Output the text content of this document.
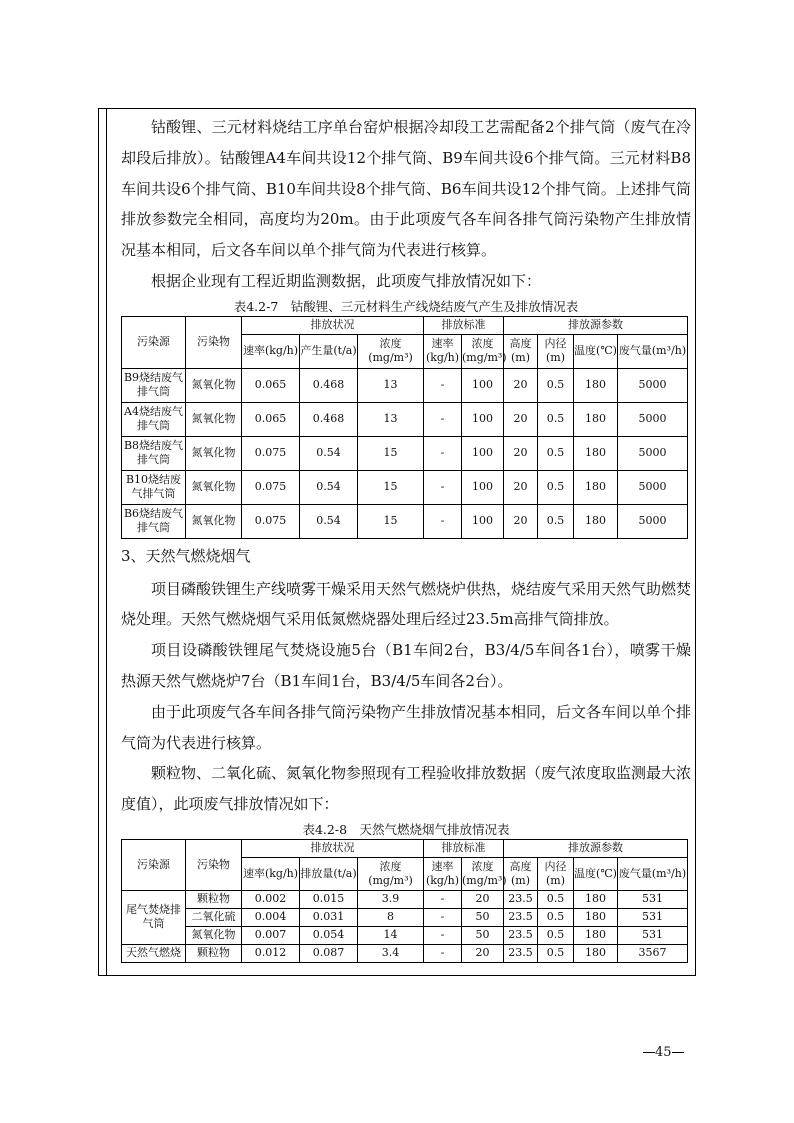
钴酸锂、三元材料烧结工序单台窑炉根据冷却段工艺需配备2个排气筒（废气在冷却段后排放）。钴酸锂A4车间共设12个排气筒、B9车间共设6个排气筒。三元材料B8车间共设6个排气筒、B10车间共设8个排气筒、B6车间共设12个排气筒。上述排气筒排放参数完全相同，高度均为20m。由于此项废气各车间各排气筒污染物产生排放情况基本相同，后文各车间以单个排气筒为代表进行核算。

根据企业现有工程近期监测数据，此项废气排放情况如下：

表4.2-7　钴酸锂、三元材料生产线烧结废气产生及排放情况表
污染源	污染物	排放状况			排放标准		排放源参数			
		速率(kg/h)	产生量(t/a)	浓度(mg/m³)	速率(kg/h)	浓度(mg/m³)	高度(m)	内径(m)	温度(℃)	废气量(m³/h)
B9烧结废气排气筒	氮氧化物	0.065	0.468	13	-	100	20	0.5	180	5000
A4烧结废气排气筒	氮氧化物	0.065	0.468	13	-	100	20	0.5	180	5000
B8烧结废气排气筒	氮氧化物	0.075	0.54	15	-	100	20	0.5	180	5000
B10烧结废气排气筒	氮氧化物	0.075	0.54	15	-	100	20	0.5	180	5000
B6烧结废气排气筒	氮氧化物	0.075	0.54	15	-	100	20	0.5	180	5000

3、天然气燃烧烟气

项目磷酸铁锂生产线喷雾干燥采用天然气燃烧炉供热，烧结废气采用天然气助燃焚烧处理。天然气燃烧烟气采用低氮燃烧器处理后经过23.5m高排气筒排放。

项目设磷酸铁锂尾气焚烧设施5台（B1车间2台，B3/4/5车间各1台），喷雾干燥热源天然气燃烧炉7台（B1车间1台，B3/4/5车间各2台）。

由于此项废气各车间各排气筒污染物产生排放情况基本相同，后文各车间以单个排气筒为代表进行核算。

颗粒物、二氧化硫、氮氧化物参照现有工程验收排放数据（废气浓度取监测最大浓度值），此项废气排放情况如下：

表4.2-8　天然气燃烧烟气排放情况表
污染源	污染物	排放状况			排放标准		排放源参数			
		速率(kg/h)	排放量(t/a)	浓度(mg/m³)	速率(kg/h)	浓度(mg/m³)	高度(m)	内径(m)	温度(℃)	废气量(m³/h)
尾气焚烧排气筒	颗粒物	0.002	0.015	3.9	-	20	23.5	0.5	180	531
	二氧化硫	0.004	0.031	8	-	50	23.5	0.5	180	531
	氮氧化物	0.007	0.054	14	-	50	23.5	0.5	180	531
天然气燃烧	颗粒物	0.012	0.087	3.4	-	20	23.5	0.5	180	3567
45
